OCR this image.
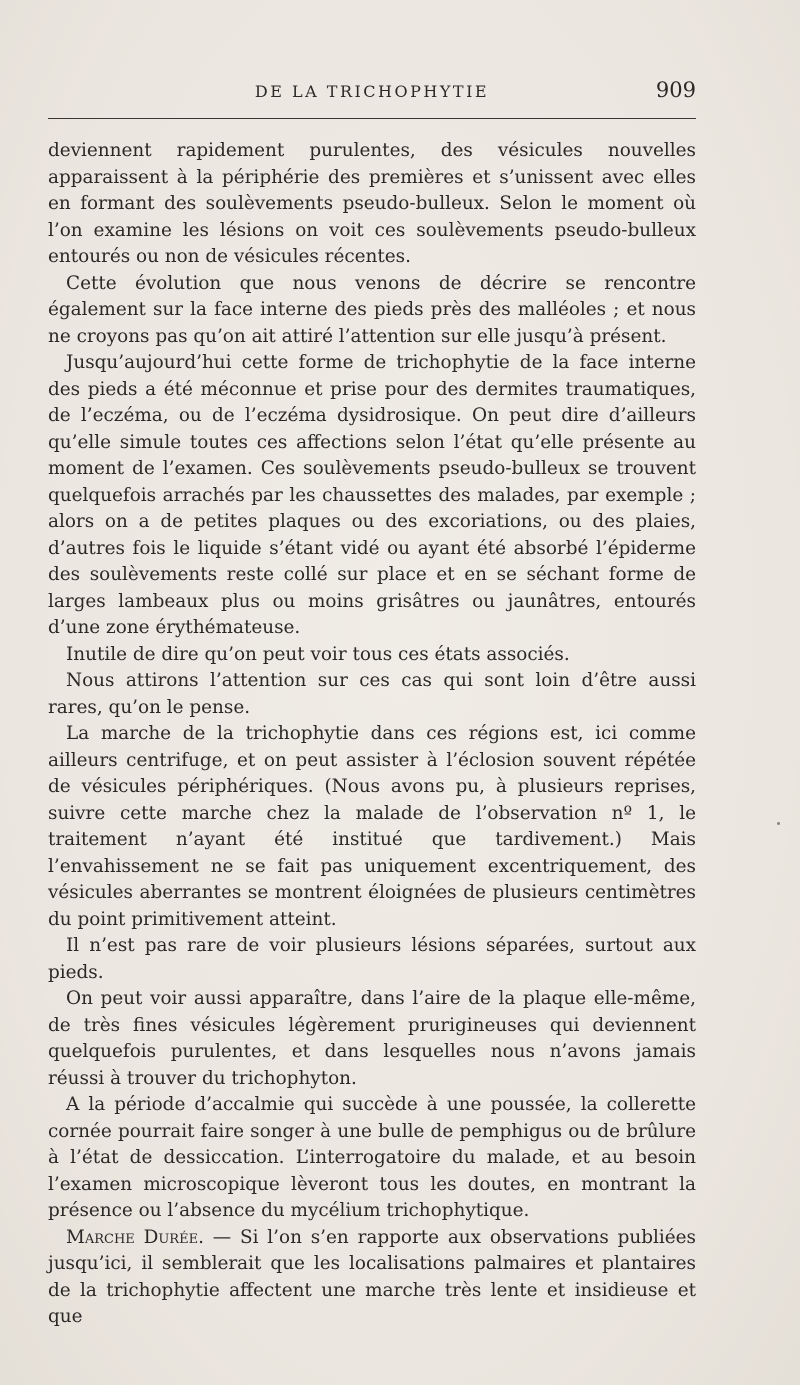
DE LA TRICHOPHYTIE	909

deviennent rapidement purulentes, des vésicules nouvelles apparaissent à la périphérie des premières et s’unissent avec elles en formant des soulèvements pseudo-bulleux. Selon le moment où l’on examine les lésions on voit ces soulèvements pseudo-bulleux entourés ou non de vésicules récentes.

Cette évolution que nous venons de décrire se rencontre également sur la face interne des pieds près des malléoles ; et nous ne croyons pas qu’on ait attiré l’attention sur elle jusqu’à présent.

Jusqu’aujourd’hui cette forme de trichophytie de la face interne des pieds a été méconnue et prise pour des dermites traumatiques, de l’eczéma, ou de l’eczéma dysidrosique. On peut dire d’ailleurs qu’elle simule toutes ces affections selon l’état qu’elle présente au moment de l’examen. Ces soulèvements pseudo-bulleux se trouvent quelquefois arrachés par les chaussettes des malades, par exemple ; alors on a de petites plaques ou des excoriations, ou des plaies, d’autres fois le liquide s’étant vidé ou ayant été absorbé l’épiderme des soulèvements reste collé sur place et en se séchant forme de larges lambeaux plus ou moins grisâtres ou jaunâtres, entourés d’une zone érythémateuse.

Inutile de dire qu’on peut voir tous ces états associés.

Nous attirons l’attention sur ces cas qui sont loin d’être aussi rares, qu’on le pense.

La marche de la trichophytie dans ces régions est, ici comme ailleurs centrifuge, et on peut assister à l’éclosion souvent répétée de vésicules périphériques. (Nous avons pu, à plusieurs reprises, suivre cette marche chez la malade de l’observation nº 1, le traitement n’ayant été institué que tardivement.) Mais l’envahissement ne se fait pas uniquement excentriquement, des vésicules aberrantes se montrent éloignées de plusieurs centimètres du point primitivement atteint.

Il n’est pas rare de voir plusieurs lésions séparées, surtout aux pieds.

On peut voir aussi apparaître, dans l’aire de la plaque elle-même, de très fines vésicules légèrement prurigineuses qui deviennent quelquefois purulentes, et dans lesquelles nous n’avons jamais réussi à trouver du trichophyton.

A la période d’accalmie qui succède à une poussée, la collerette cornée pourrait faire songer à une bulle de pemphigus ou de brûlure à l’état de dessiccation. L’interrogatoire du malade, et au besoin l’examen microscopique lèveront tous les doutes, en montrant la présence ou l’absence du mycélium trichophytique.

Marche Durée. — Si l’on s’en rapporte aux observations publiées jusqu’ici, il semblerait que les localisations palmaires et plantaires de la trichophytie affectent une marche très lente et insidieuse et que
